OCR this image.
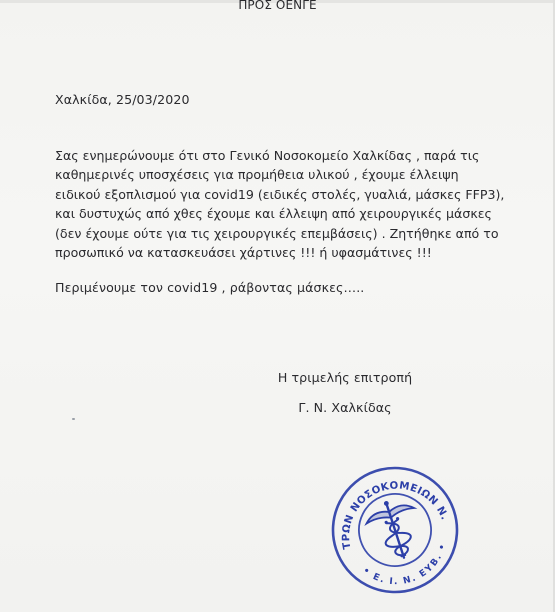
ΠΡΟΣ ΟΕΝΓΕ
Χαλκίδα, 25/03/2020
Σας ενημερώνουμε ότι στο Γενικό Νοσοκομείο Χαλκίδας , παρά τις
καθημερινές υποσχέσεις για προμήθεια υλικού , έχουμε έλλειψη
ειδικού εξοπλισμού για covid19 (ειδικές στολές, γυαλιά, μάσκες FFP3),
και δυστυχώς από χθες έχουμε και έλλειψη από χειρουργικές μάσκες
(δεν έχουμε ούτε για τις χειρουργικές επεμβάσεις) . Ζητήθηκε από το
προσωπικό να κατασκευάσει χάρτινες !!! ή υφασμάτινες !!!
Περιμένουμε τον covid19 , ράβοντας μάσκες…..
Η τριμελής επιτροπή
Γ. Ν. Χαλκίδας
ΙΑΤΡΩΝ ΝΟΣΟΚΟΜΕΙΩΝ Ν.
• Ε. Ι. Ν. ΕΥΒ. •
